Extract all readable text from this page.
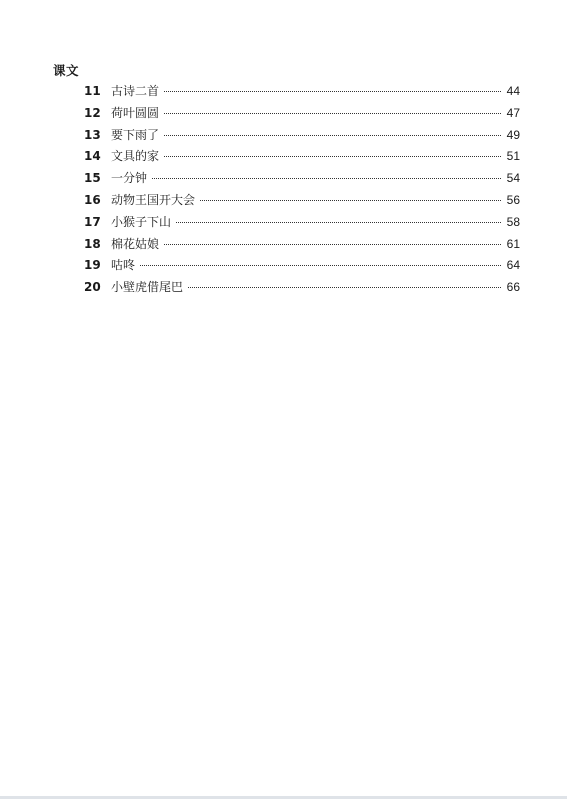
课文
11 古诗二首	44
12 荷叶圆圆	47
13 要下雨了	49
14 文具的家	51
15 一分钟	54
16 动物王国开大会	56
17 小猴子下山	58
18 棉花姑娘	61
19 咕咚	64
20 小壁虎借尾巴	66
